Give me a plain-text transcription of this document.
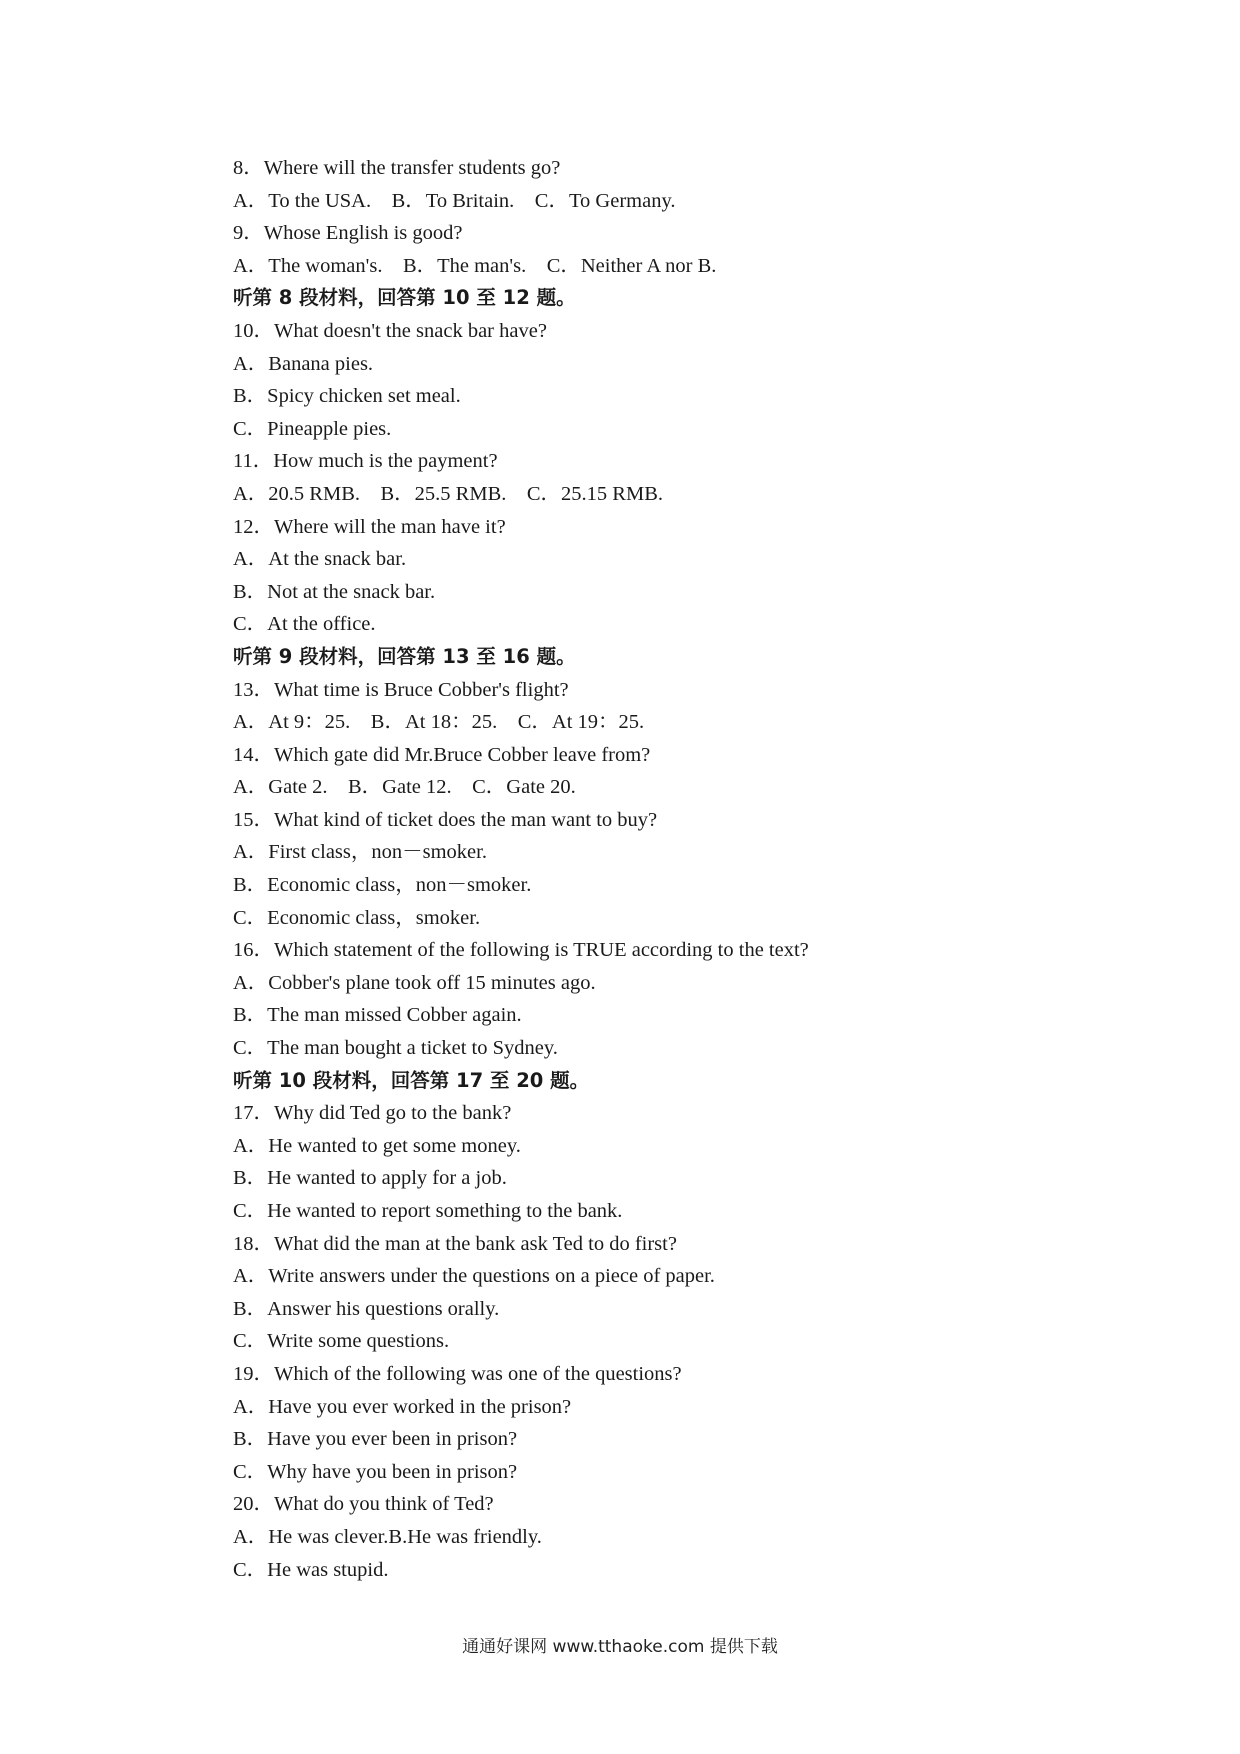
8．Where will the transfer students go?
A．To the USA.　B．To Britain.　C．To Germany.
9．Whose English is good?
A．The woman's.　B．The man's.　C．Neither A nor B.
听第 8 段材料，回答第 10 至 12 题。
10．What doesn't the snack bar have?
A．Banana pies.
B．Spicy chicken set meal.
C．Pineapple pies.
11．How much is the payment?
A．20.5 RMB.　B．25.5 RMB.　C．25.15 RMB.
12．Where will the man have it?
A．At the snack bar.
B．Not at the snack bar.
C．At the office.
听第 9 段材料，回答第 13 至 16 题。
13．What time is Bruce Cobber's flight?
A．At 9：25.　B．At 18：25.　C．At 19：25.
14．Which gate did Mr.Bruce Cobber leave from?
A．Gate 2.　B．Gate 12.　C．Gate 20.
15．What kind of ticket does the man want to buy?
A．First class，non－smoker.
B．Economic class，non－smoker.
C．Economic class，smoker.
16．Which statement of the following is TRUE according to the text?
A．Cobber's plane took off 15 minutes ago.
B．The man missed Cobber again.
C．The man bought a ticket to Sydney.
听第 10 段材料，回答第 17 至 20 题。
17．Why did Ted go to the bank?
A．He wanted to get some money.
B．He wanted to apply for a job.
C．He wanted to report something to the bank.
18．What did the man at the bank ask Ted to do first?
A．Write answers under the questions on a piece of paper.
B．Answer his questions orally.
C．Write some questions.
19．Which of the following was one of the questions?
A．Have you ever worked in the prison?
B．Have you ever been in prison?
C．Why have you been in prison?
20．What do you think of Ted?
A．He was clever.B.He was friendly.
C．He was stupid.
通通好课网 www.tthaoke.com 提供下载
